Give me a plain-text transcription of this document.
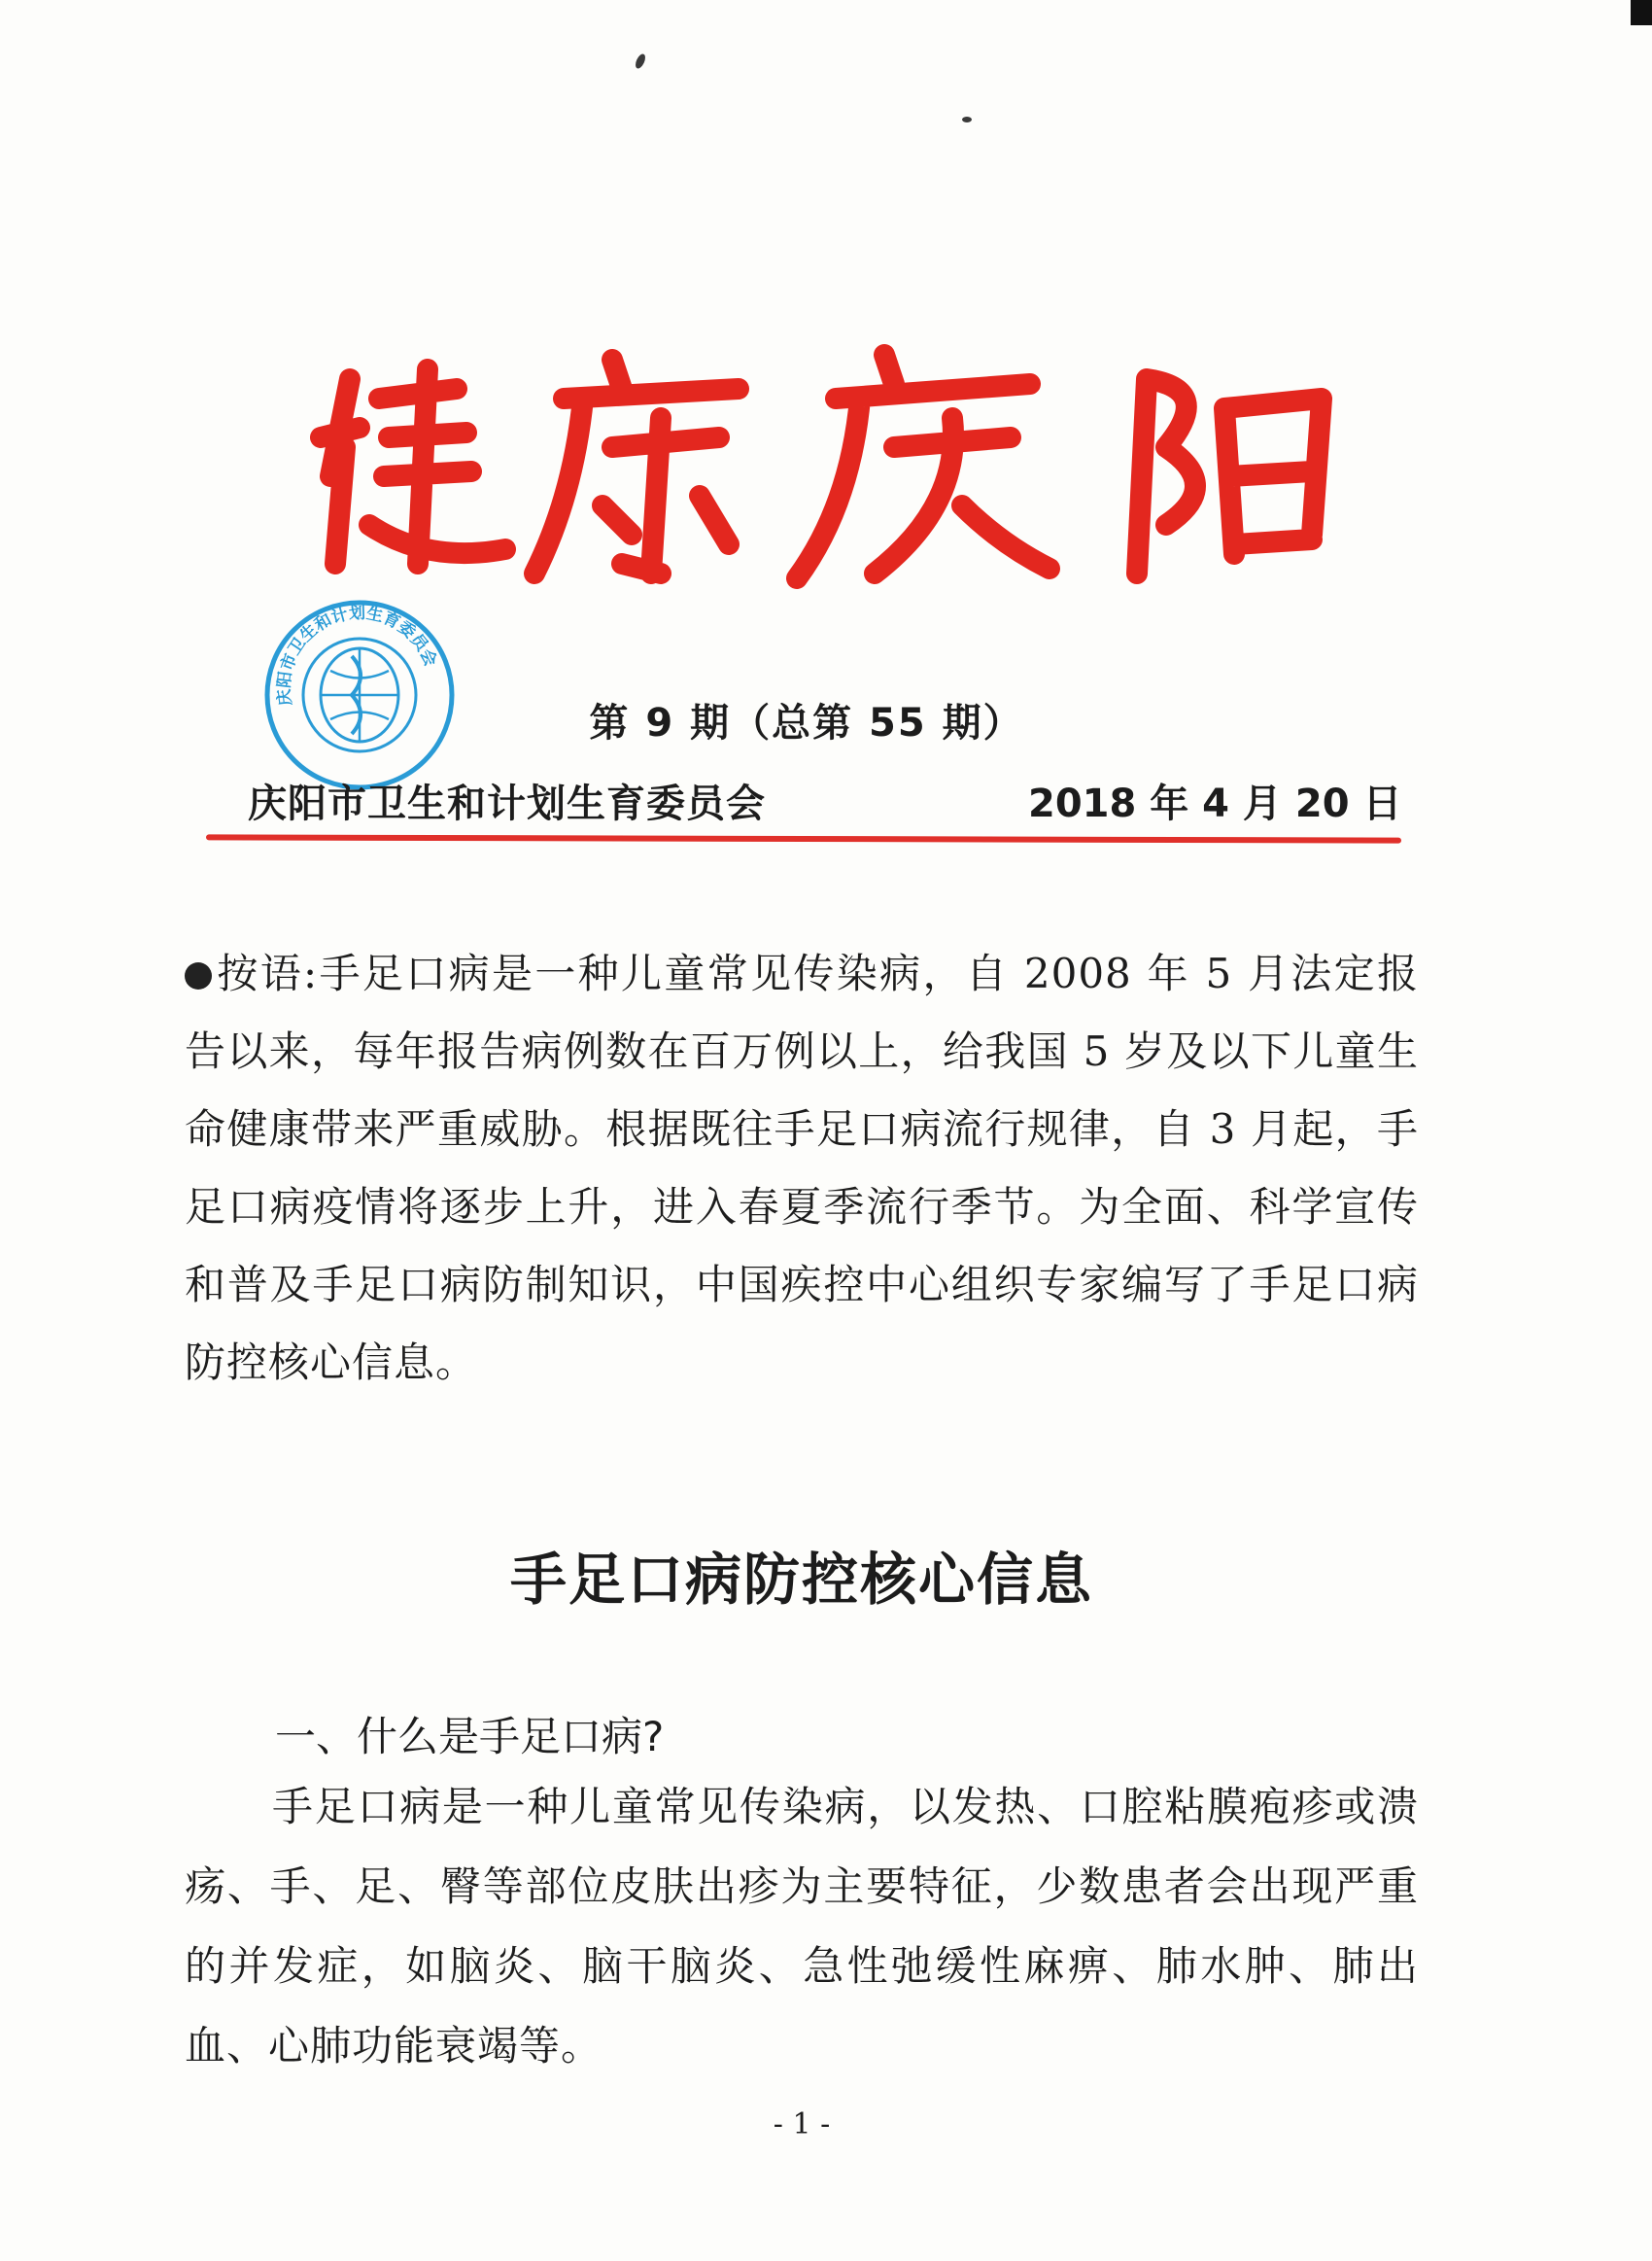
庆阳市卫生和计划生育委员会
第 9 期（总第 55 期）
庆阳市卫生和计划生育委员会	2018 年 4 月 20 日
按语:手足口病是一种儿童常见传染病，自 2008 年 5 月法定报告以来，每年报告病例数在百万例以上，给我国 5 岁及以下儿童生命健康带来严重威胁。根据既往手足口病流行规律，自 3 月起，手足口病疫情将逐步上升，进入春夏季流行季节。为全面、科学宣传和普及手足口病防制知识，中国疾控中心组织专家编写了手足口病防控核心信息。
手足口病防控核心信息
一、什么是手足口病?
手足口病是一种儿童常见传染病，以发热、口腔粘膜疱疹或溃疡、手、足、臀等部位皮肤出疹为主要特征，少数患者会出现严重的并发症，如脑炎、脑干脑炎、急性弛缓性麻痹、肺水肿、肺出血、心肺功能衰竭等。
- 1 -
